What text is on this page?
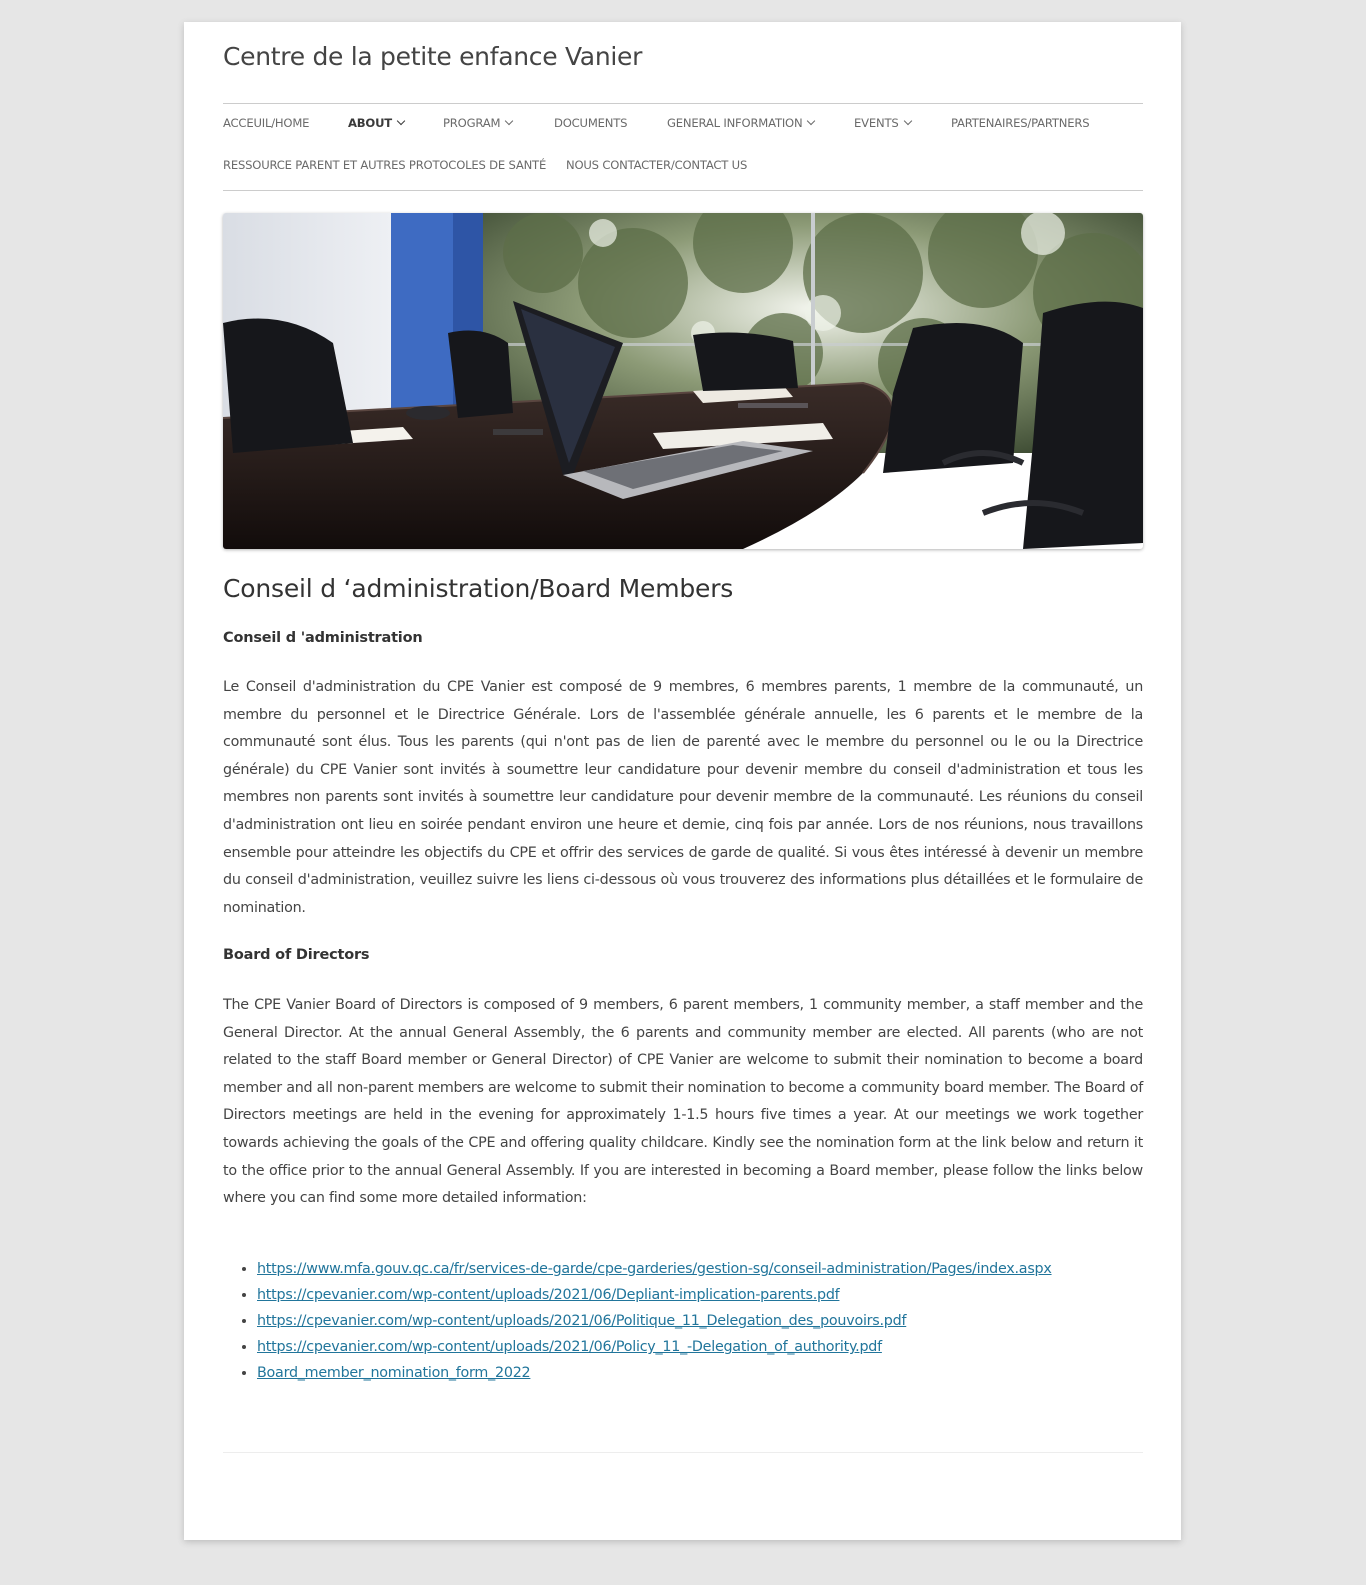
Centre de la petite enfance Vanier
ACCEUIL/HOME	ABOUT	PROGRAM	DOCUMENTS	GENERAL INFORMATION	EVENTS	PARTENAIRES/PARTNERS
RESSOURCE PARENT ET AUTRES PROTOCOLES DE SANTÉ NOUS CONTACTER/CONTACT US
Conseil d ‘administration/Board Members

Conseil d 'administration

Le Conseil d'administration du CPE Vanier est composé de 9 membres, 6 membres parents, 1 membre de la communauté, un membre du personnel et le Directrice Générale. Lors de l'assemblée générale annuelle, les 6 parents et le membre de la communauté sont élus. Tous les parents (qui n'ont pas de lien de parenté avec le membre du personnel ou le ou la Directrice générale) du CPE Vanier sont invités à soumettre leur candidature pour devenir membre du conseil d'administration et tous les membres non parents sont invités à soumettre leur candidature pour devenir membre de la communauté. Les réunions du conseil d'administration ont lieu en soirée pendant environ une heure et demie, cinq fois par année. Lors de nos réunions, nous travaillons ensemble pour atteindre les objectifs du CPE et offrir des services de garde de qualité. Si vous êtes intéressé à devenir un membre du conseil d'administration, veuillez suivre les liens ci-dessous où vous trouverez des informations plus détaillées et le formulaire de nomination.

Board of Directors

The CPE Vanier Board of Directors is composed of 9 members, 6 parent members, 1 community member, a staff member and the General Director. At the annual General Assembly, the 6 parents and community member are elected. All parents (who are not related to the staff Board member or General Director) of CPE Vanier are welcome to submit their nomination to become a board member and all non-parent members are welcome to submit their nomination to become a community board member. The Board of Directors meetings are held in the evening for approximately 1-1.5 hours five times a year. At our meetings we work together towards achieving the goals of the CPE and offering quality childcare. Kindly see the nomination form at the link below and return it to the office prior to the annual General Assembly. If you are interested in becoming a Board member, please follow the links below where you can find some more detailed information:

• https://www.mfa.gouv.qc.ca/fr/services-de-garde/cpe-garderies/gestion-sg/conseil-administration/Pages/index.aspx
• https://cpevanier.com/wp-content/uploads/2021/06/Depliant-implication-parents.pdf
• https://cpevanier.com/wp-content/uploads/2021/06/Politique_11_Delegation_des_pouvoirs.pdf
• https://cpevanier.com/wp-content/uploads/2021/06/Policy_11_-Delegation_of_authority.pdf
• Board_member_nomination_form_2022
